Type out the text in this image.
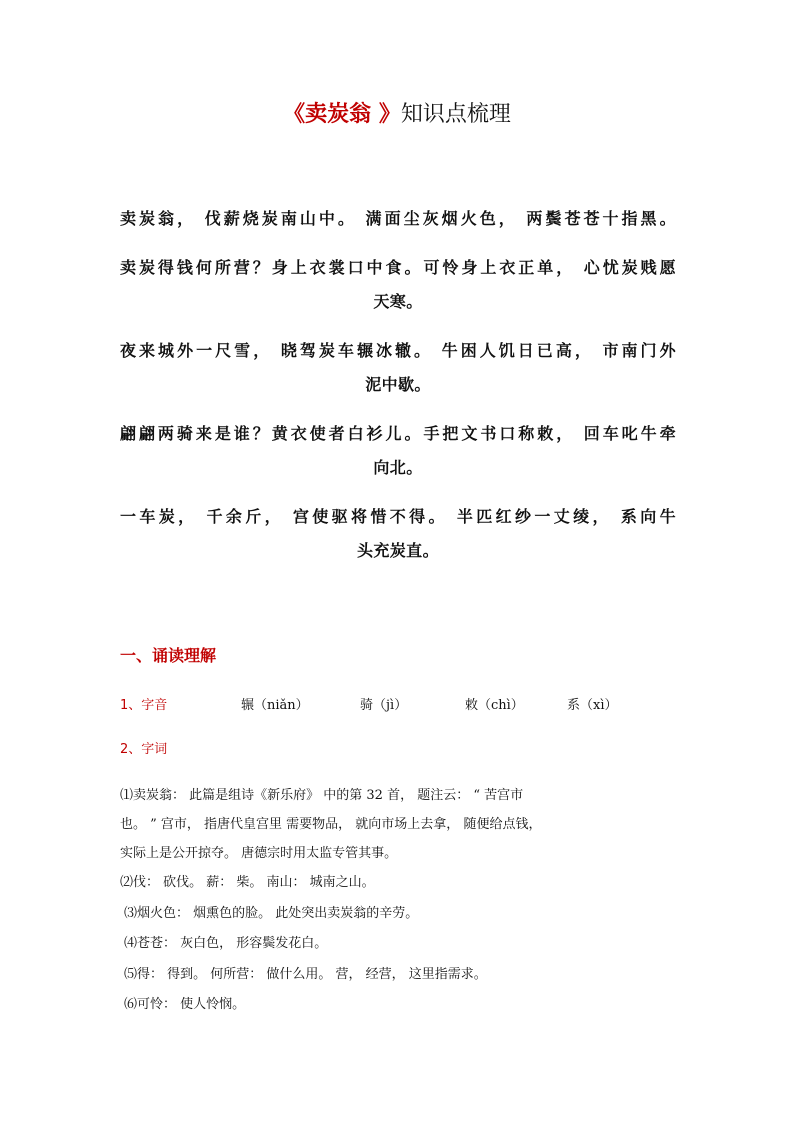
《卖炭翁 》知识点梳理
卖炭翁， 伐薪烧炭南山中。 满面尘灰烟火色， 两鬓苍苍十指黑。
卖炭得钱何所营？身上衣裳口中食。可怜身上衣正单， 心忧炭贱愿
天寒。
夜来城外一尺雪， 晓驾炭车辗冰辙。 牛困人饥日已高， 市南门外
泥中歇。
翩翩两骑来是谁？黄衣使者白衫儿。手把文书口称敕， 回车叱牛牵
向北。
一车炭， 千余斤， 宫使驱将惜不得。 半匹红纱一丈绫， 系向牛
头充炭直。
一、诵读理解
1、字音	辗（niǎn）	骑（jì）	敕（chì）	系（xì）
2、字词
⑴卖炭翁： 此篇是组诗《新乐府》 中的第 32 首， 题注云： “ 苦宫市
也。 ” 宫市， 指唐代皇宫里 需要物品， 就向市场上去拿， 随便给点钱，
实际上是公开掠夺。 唐德宗时用太监专管其事。
⑵伐： 砍伐。 薪： 柴。 南山： 城南之山。
⑶烟火色： 烟熏色的脸。 此处突出卖炭翁的辛劳。
⑷苍苍： 灰白色， 形容鬓发花白。
⑸得： 得到。 何所营： 做什么用。 营， 经营， 这里指需求。
⑹可怜： 使人怜悯。
